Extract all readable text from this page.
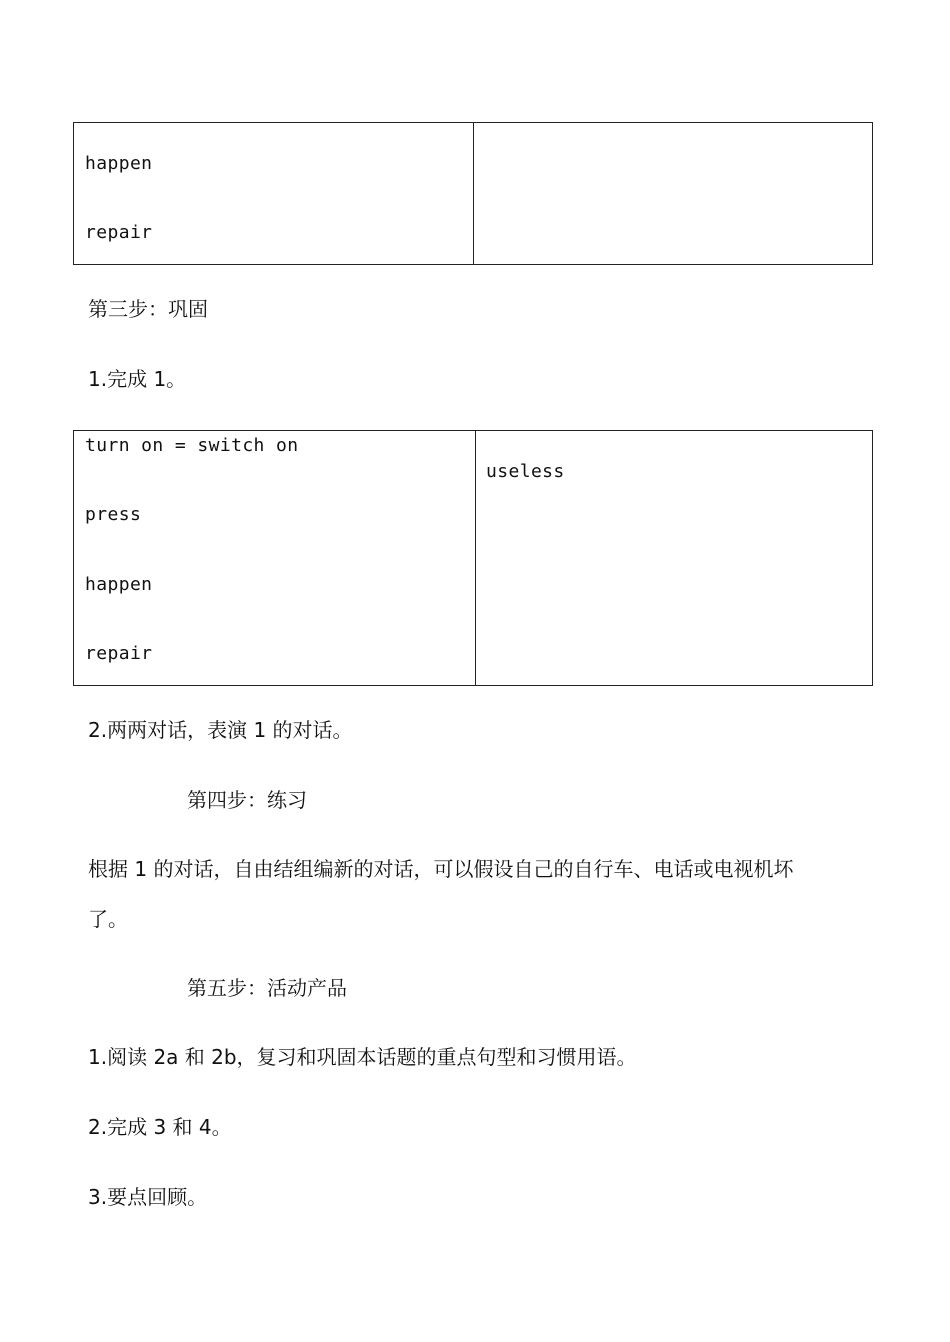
happen
repair
第三步：巩固
1.完成 1。
turn on = switch on
press
happen
repair
useless
2.两两对话，表演 1 的对话。
第四步：练习
根据 1 的对话，自由结组编新的对话，可以假设自己的自行车、电话或电视机坏
了。
第五步：活动产品
1.阅读 2a 和 2b，复习和巩固本话题的重点句型和习惯用语。
2.完成 3 和 4。
3.要点回顾。
